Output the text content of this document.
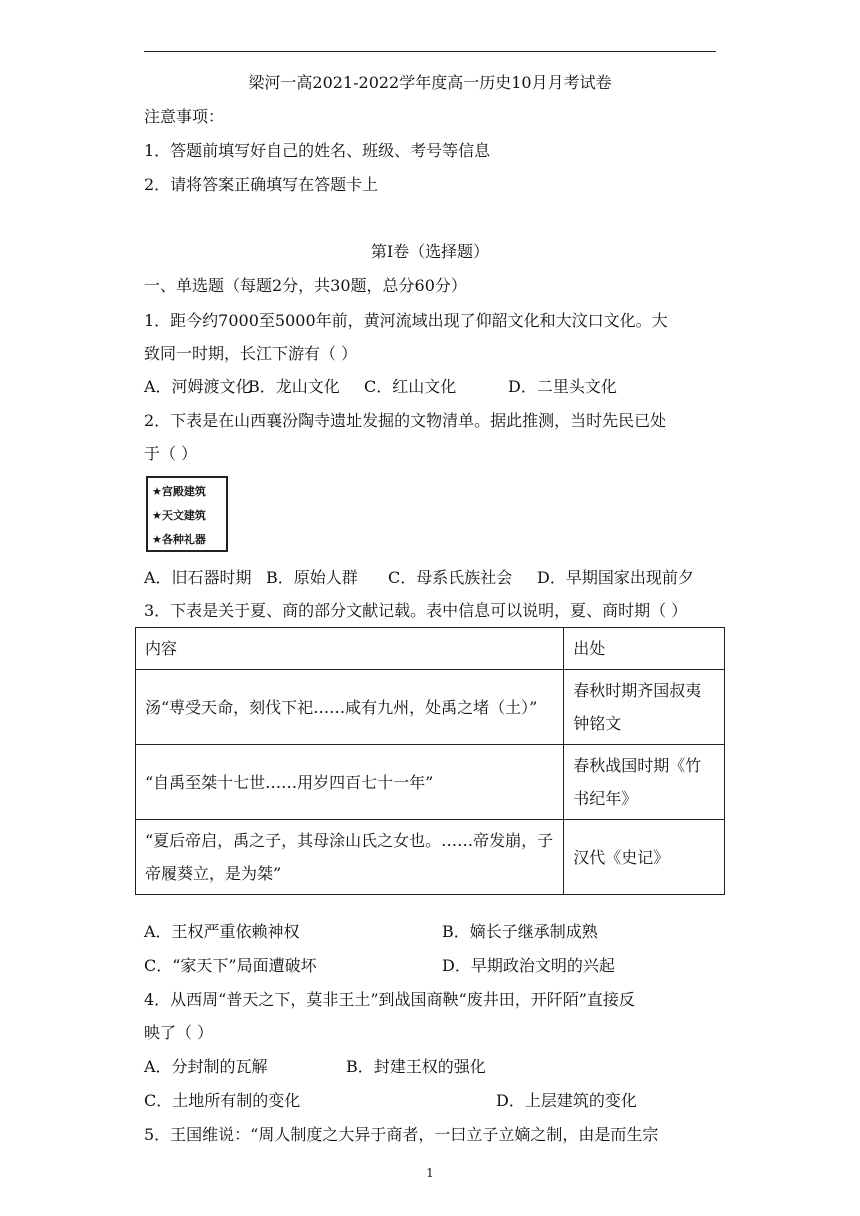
梁河一高2021-2022学年度高一历史10月月考试卷
注意事项：
1．答题前填写好自己的姓名、班级、考号等信息
2．请将答案正确填写在答题卡上
第I卷（选择题）
一、单选题（每题2分，共30题，总分60分）
1．距今约7000至5000年前，黄河流域出现了仰韶文化和大汶口文化。大
致同一时期，长江下游有（ ）
A．河姆渡文化
B．龙山文化 C．红山文化	D．二里头文化
2．下表是在山西襄汾陶寺遗址发掘的文物清单。据此推测，当时先民已处
于（ ）
★宫殿建筑
★天文建筑
★各种礼器
A．旧石器时期 B．原始人群 C．母系氏族社会 D．早期国家出现前夕
3．下表是关于夏、商的部分文献记载。表中信息可以说明，夏、商时期（ ）
内容	出处
汤“尃受天命，刻伐下祀……咸有九州，处禹之堵（土）”	春秋时期齐国叔夷钟铭文
“自禹至桀十七世……用岁四百七十一年”	春秋战国时期《竹书纪年》
“夏后帝启，禹之子，其母涂山氏之女也。……帝发崩，子帝履葵立，是为桀”	汉代《史记》
A．王权严重依赖神权	B．嫡长子继承制成熟
C．“家天下”局面遭破坏	D．早期政治文明的兴起
4．从西周“普天之下，莫非王土”到战国商鞅“废井田，开阡陌”直接反
映了（ ）
A．分封制的瓦解	B．封建王权的强化
C．土地所有制的变化	D．上层建筑的变化
5．王国维说：“周人制度之大异于商者，一曰立子立嫡之制，由是而生宗
1
